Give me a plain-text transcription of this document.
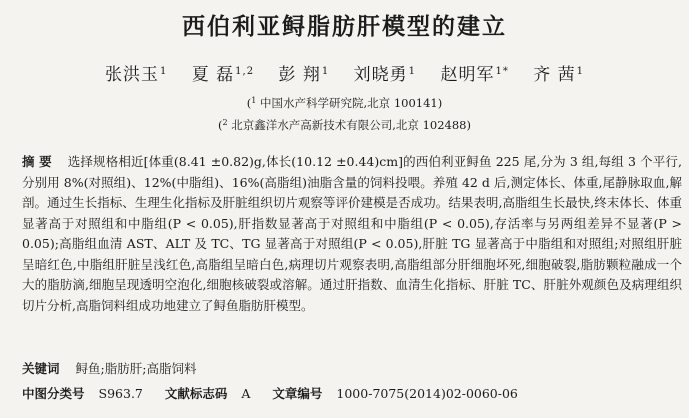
西伯利亚鲟脂肪肝模型的建立
张洪玉$^1$ 夏 磊$^{1,2}$ 彭 翔$^1$ 刘晓勇$^1$ 赵明军$^{1*}$ 齐 茜$^1$
($^1$ 中国水产科学研究院,北京 100141)
($^2$ 北京鑫洋水产高新技术有限公司,北京 102488)
摘 要 选择规格相近[体重(8.41 ±0.82)g,体长(10.12 ±0.44)cm]的西伯利亚鲟鱼 225 尾,分为 3 组,每组 3 个平行,分别用 8%(对照组)、12%(中脂组)、16%(高脂组)油脂含量的饲料投喂。养殖 42 d 后,测定体长、体重,尾静脉取血,解剖。通过生长指标、生理生化指标及肝脏组织切片观察等评价建模是否成功。结果表明,高脂组生长最快,终末体长、体重显著高于对照组和中脂组(P < 0.05),肝指数显著高于对照组和中脂组(P < 0.05),存活率与另两组差异不显著(P > 0.05);高脂组血清 AST、ALT 及 TC、TG 显著高于对照组(P < 0.05),肝脏 TG 显著高于中脂组和对照组;对照组肝脏呈暗红色,中脂组肝脏呈浅红色,高脂组呈暗白色,病理切片观察表明,高脂组部分肝细胞坏死,细胞破裂,脂肪颗粒融成一个大的脂肪滴,细胞呈现透明空泡化,细胞核破裂或溶解。通过肝指数、血清生化指标、肝脏 TC、肝脏外观颜色及病理组织切片分析,高脂饲料组成功地建立了鲟鱼脂肪肝模型。
关键词 鲟鱼;脂肪肝;高脂饲料
中图分类号 S963.7 文献标志码 A 文章编号 1000-7075(2014)02-0060-06
